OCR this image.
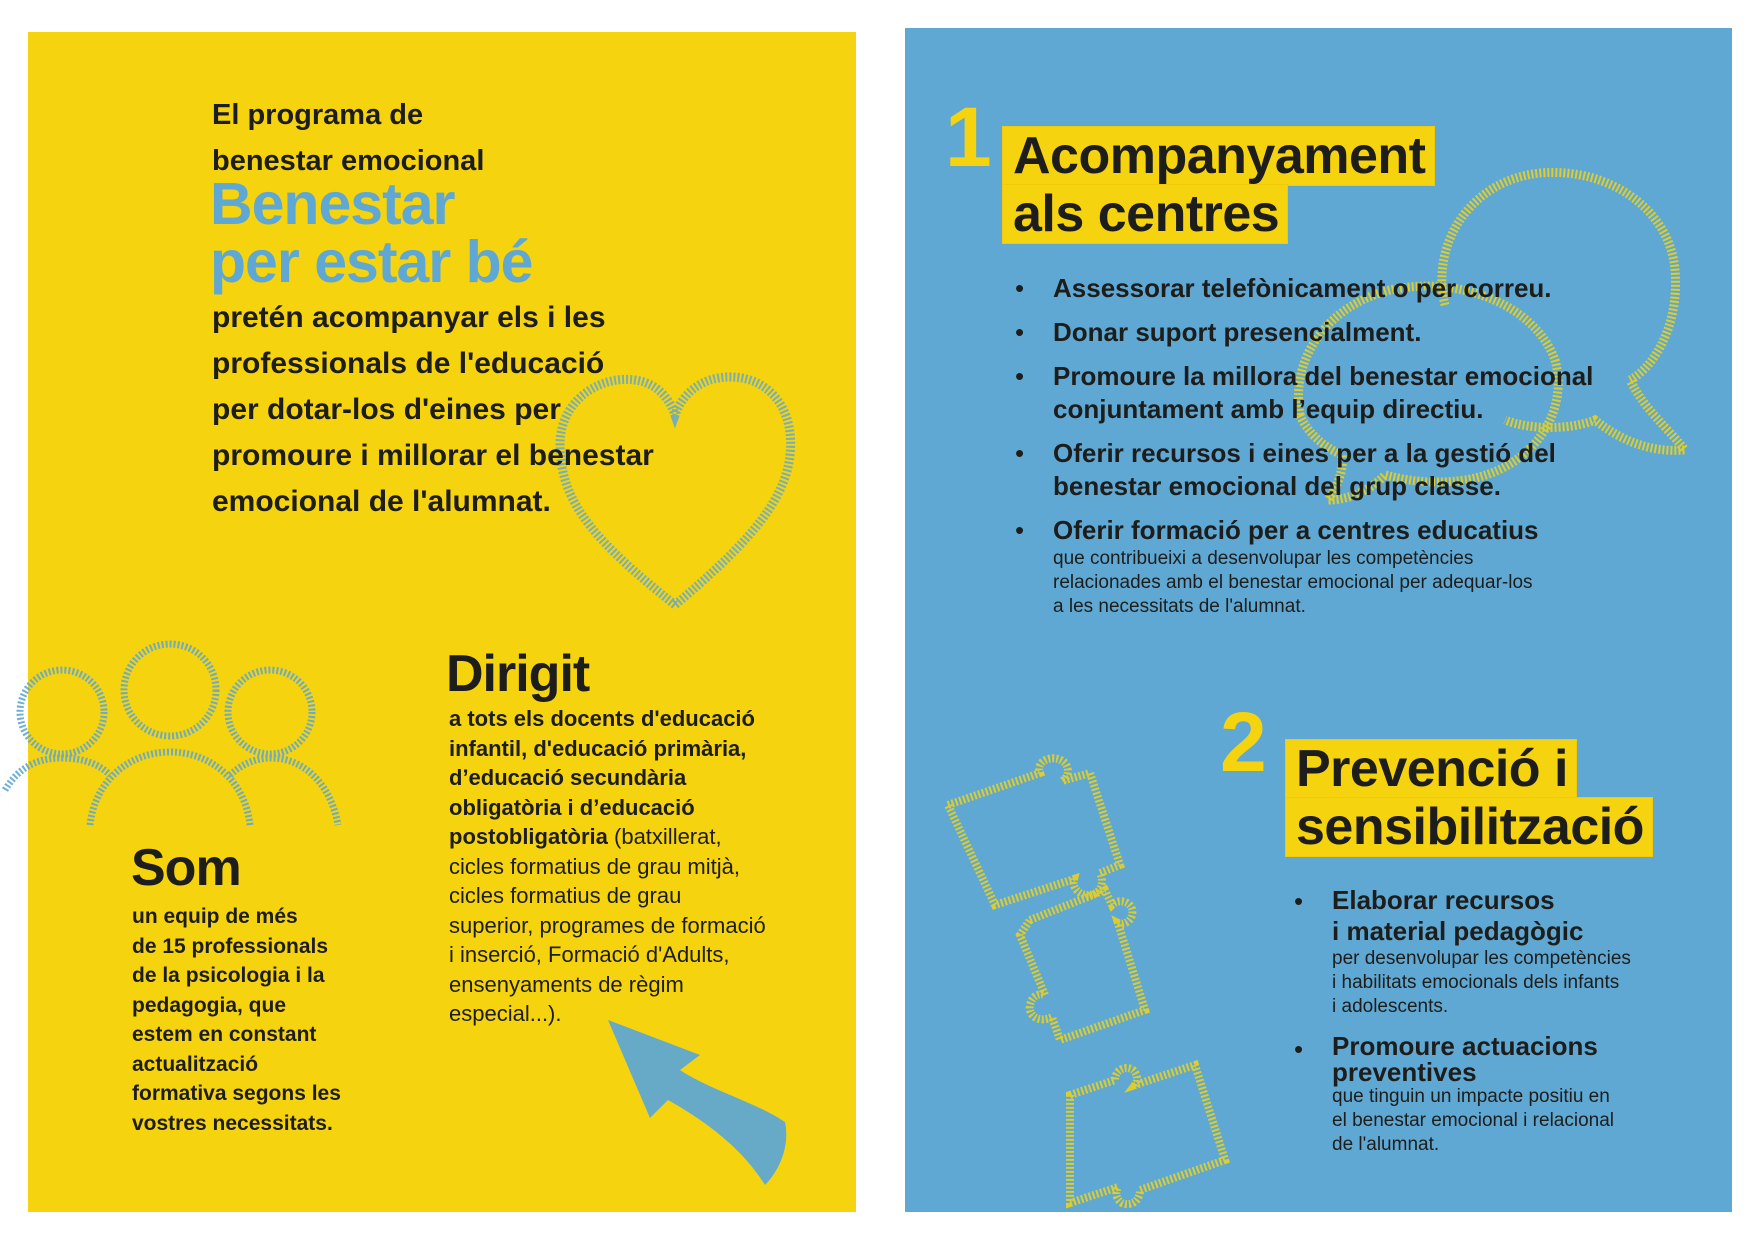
El programa de
benestar emocional
Benestar
per estar bé
pretén acompanyar els i les
professionals de l'educació
per dotar-los d'eines per
promoure i millorar el benestar
emocional de l'alumnat.
Som
un equip de més
de 15 professionals
de la psicologia i la
pedagogia, que
estem en constant
actualització
formativa segons les
vostres necessitats.
Dirigit
a tots els docents d'educació
infantil, d'educació primària,
d’educació secundària
obligatòria i d’educació
postobligatòria (batxillerat,
cicles formatius de grau mitjà,
cicles formatius de grau
superior, programes de formació
i inserció, Formació d'Adults,
ensenyaments de règim
especial...).
1 Acompanyament
als centres
• Assessorar telefònicament o per correu.
• Donar suport presencialment.
• Promoure la millora del benestar emocional
conjuntament amb l’equip directiu.
• Oferir recursos i eines per a la gestió del
benestar emocional del grup classe.
• Oferir formació per a centres educatius
que contribueixi a desenvolupar les competències
relacionades amb el benestar emocional per adequar-los
a les necessitats de l'alumnat.
2 Prevenció i
sensibilització
• Elaborar recursos
i material pedagògic
per desenvolupar les competències
i habilitats emocionals dels infants
i adolescents.
• Promoure actuacions
preventives
que tinguin un impacte positiu en
el benestar emocional i relacional
de l'alumnat.
